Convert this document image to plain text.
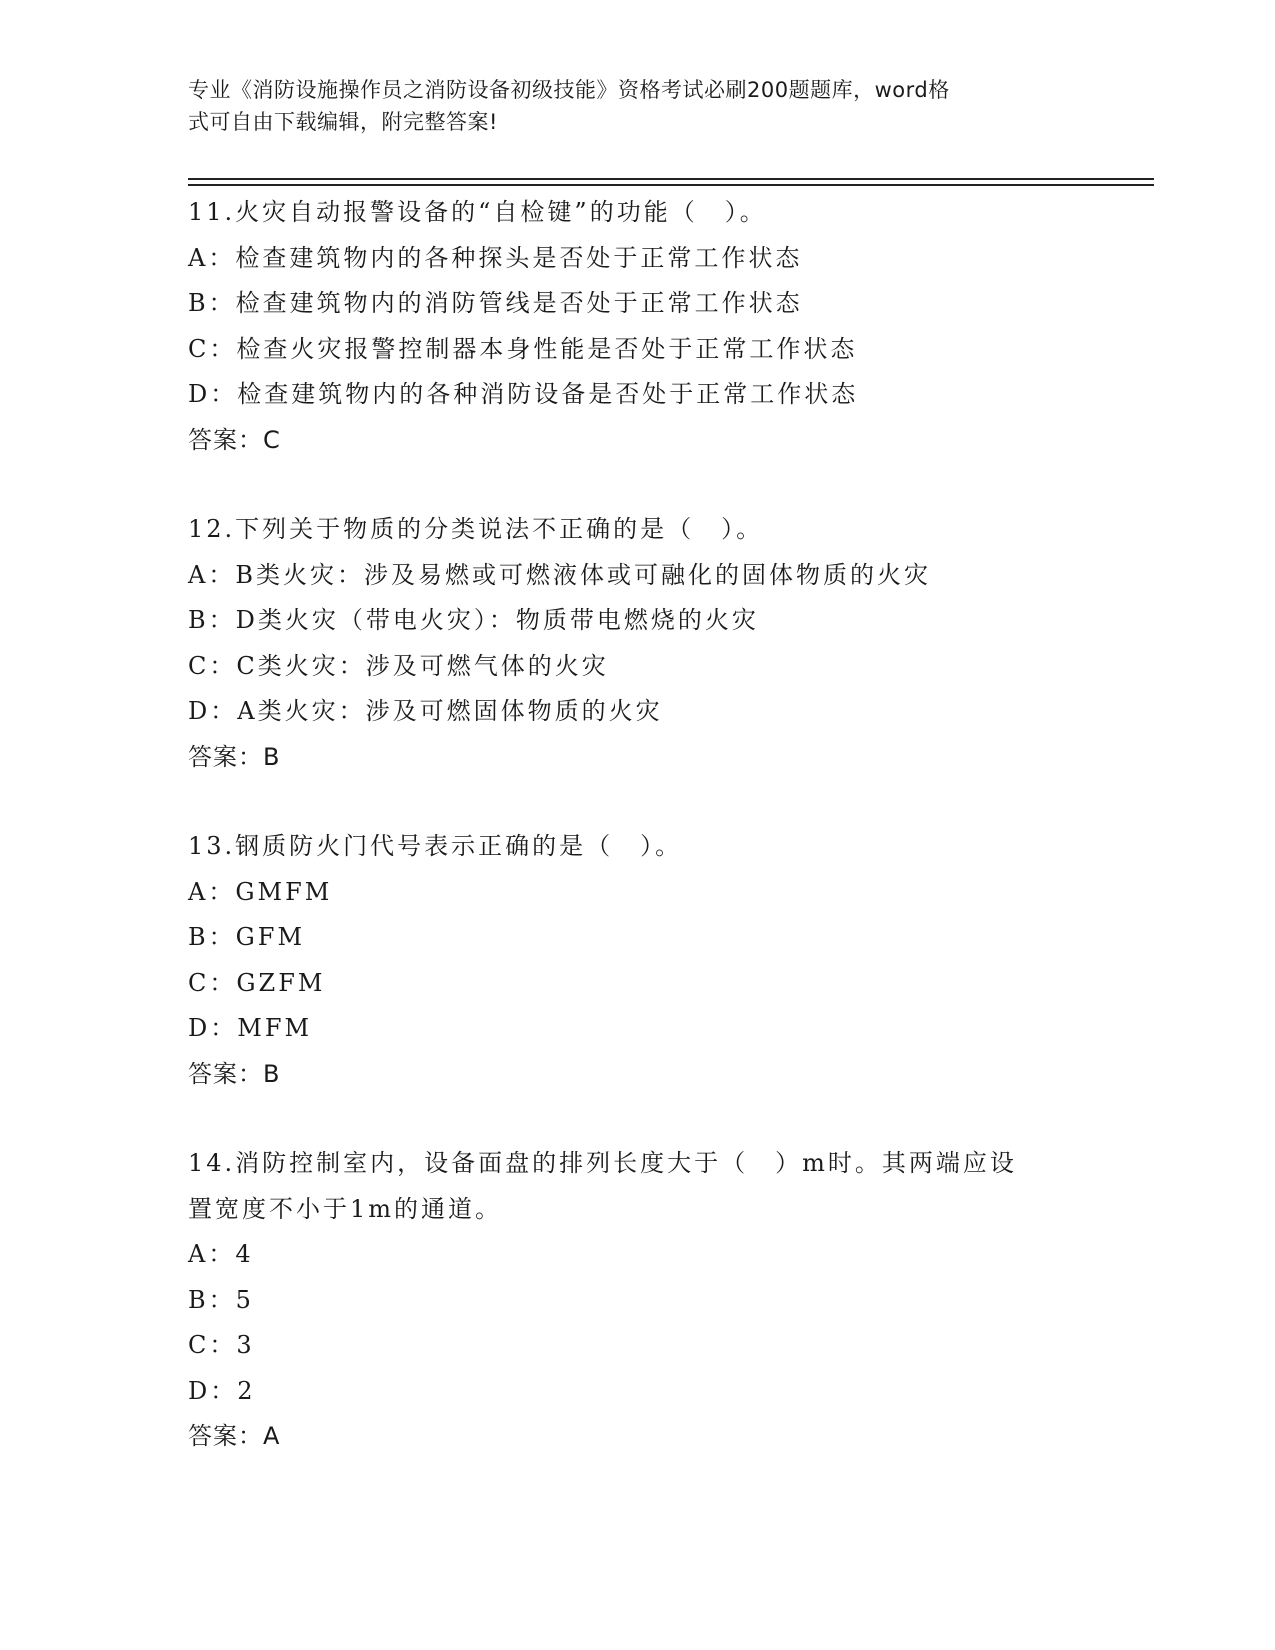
专业《消防设施操作员之消防设备初级技能》资格考试必刷200题题库，word格
式可自由下载编辑，附完整答案!
11.火灾自动报警设备的“自检键”的功能（　）。
A：检查建筑物内的各种探头是否处于正常工作状态
B：检查建筑物内的消防管线是否处于正常工作状态
C：检查火灾报警控制器本身性能是否处于正常工作状态
D：检查建筑物内的各种消防设备是否处于正常工作状态
答案：C
12.下列关于物质的分类说法不正确的是（　）。
A：B类火灾：涉及易燃或可燃液体或可融化的固体物质的火灾
B：D类火灾（带电火灾）：物质带电燃烧的火灾
C：C类火灾：涉及可燃气体的火灾
D：A类火灾：涉及可燃固体物质的火灾
答案：B
13.钢质防火门代号表示正确的是（　）。
A：GMFM
B：GFM
C：GZFM
D：MFM
答案：B
14.消防控制室内，设备面盘的排列长度大于（　）m时。其两端应设
置宽度不小于1m的通道。
A：4
B：5
C：3
D：2
答案：A
